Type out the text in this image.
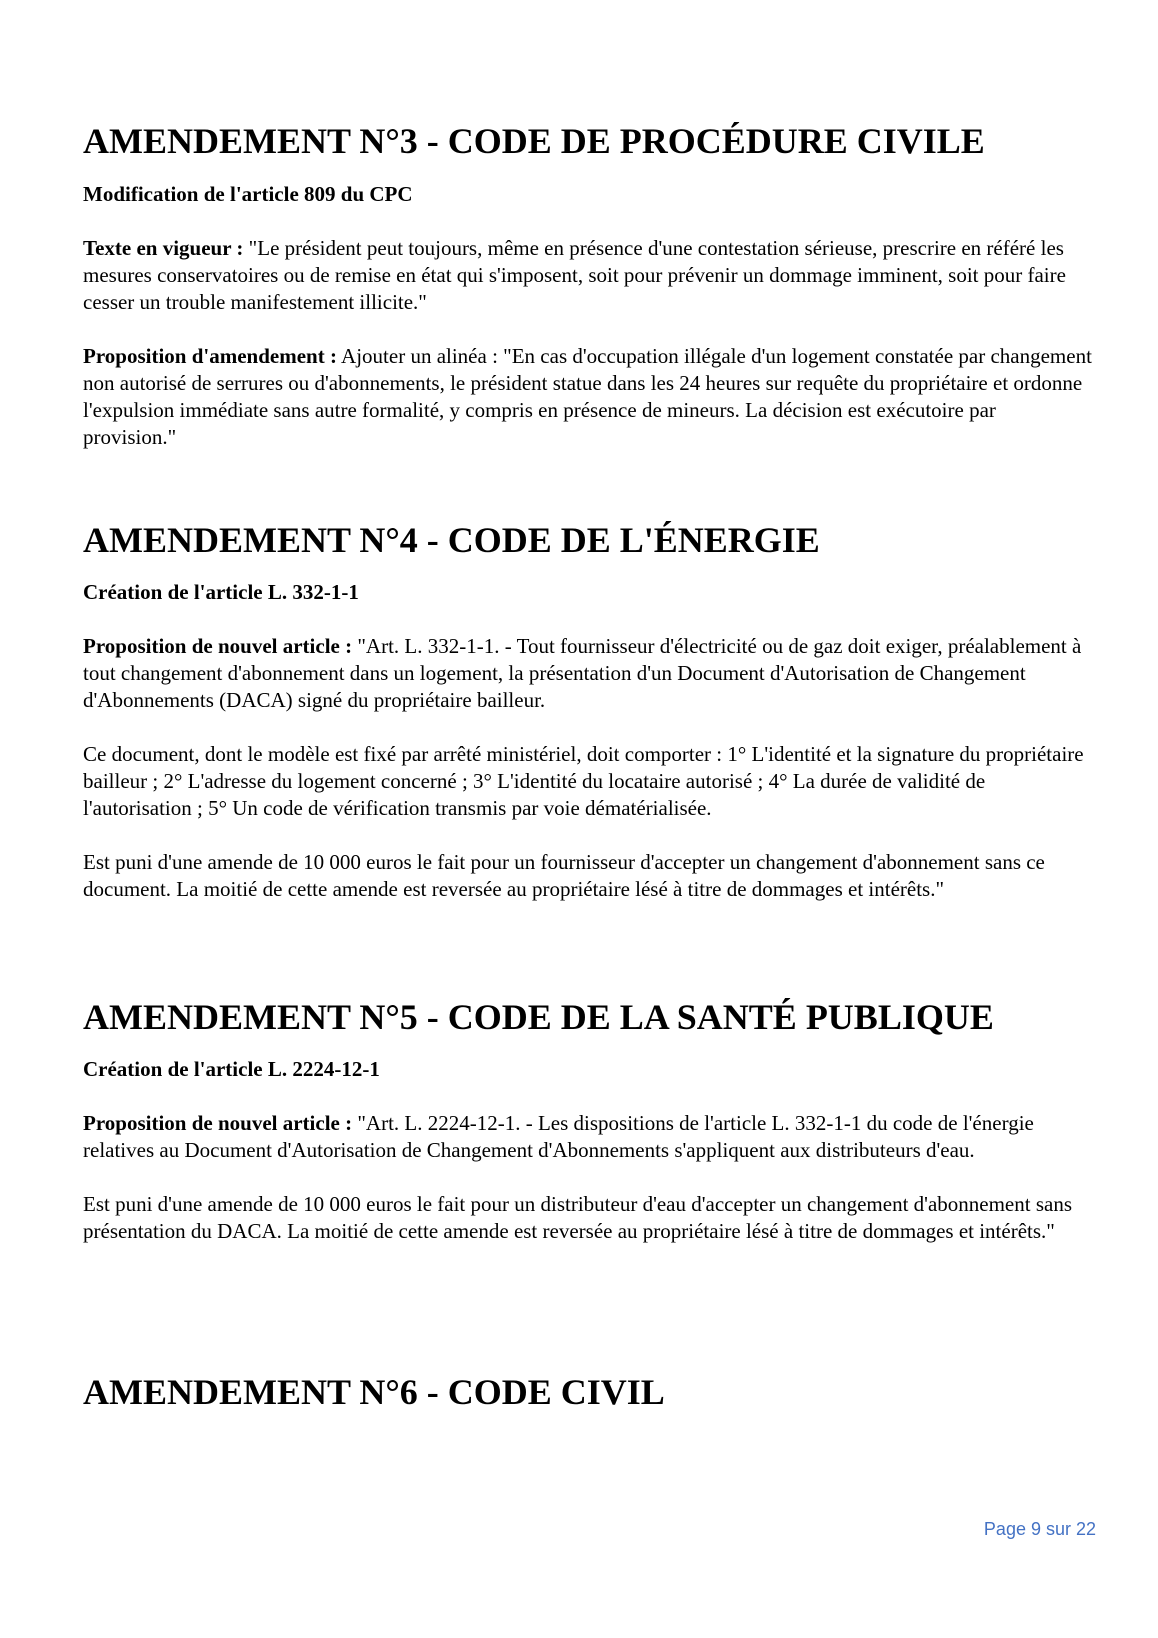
AMENDEMENT N°3 - CODE DE PROCÉDURE CIVILE
Modification de l'article 809 du CPC

Texte en vigueur : "Le président peut toujours, même en présence d'une contestation sérieuse, prescrire en référé les mesures conservatoires ou de remise en état qui s'imposent, soit pour prévenir un dommage imminent, soit pour faire cesser un trouble manifestement illicite."

Proposition d'amendement : Ajouter un alinéa : "En cas d'occupation illégale d'un logement constatée par changement non autorisé de serrures ou d'abonnements, le président statue dans les 24 heures sur requête du propriétaire et ordonne l'expulsion immédiate sans autre formalité, y compris en présence de mineurs. La décision est exécutoire par provision."

AMENDEMENT N°4 - CODE DE L'ÉNERGIE
Création de l'article L. 332-1-1

Proposition de nouvel article : "Art. L. 332-1-1. - Tout fournisseur d'électricité ou de gaz doit exiger, préalablement à tout changement d'abonnement dans un logement, la présentation d'un Document d'Autorisation de Changement d'Abonnements (DACA) signé du propriétaire bailleur.

Ce document, dont le modèle est fixé par arrêté ministériel, doit comporter : 1° L'identité et la signature du propriétaire bailleur ; 2° L'adresse du logement concerné ; 3° L'identité du locataire autorisé ; 4° La durée de validité de l'autorisation ; 5° Un code de vérification transmis par voie dématérialisée.

Est puni d'une amende de 10 000 euros le fait pour un fournisseur d'accepter un changement d'abonnement sans ce document. La moitié de cette amende est reversée au propriétaire lésé à titre de dommages et intérêts."

AMENDEMENT N°5 - CODE DE LA SANTÉ PUBLIQUE
Création de l'article L. 2224-12-1

Proposition de nouvel article : "Art. L. 2224-12-1. - Les dispositions de l'article L. 332-1-1 du code de l'énergie relatives au Document d'Autorisation de Changement d'Abonnements s'appliquent aux distributeurs d'eau.

Est puni d'une amende de 10 000 euros le fait pour un distributeur d'eau d'accepter un changement d'abonnement sans présentation du DACA. La moitié de cette amende est reversée au propriétaire lésé à titre de dommages et intérêts."

AMENDEMENT N°6 - CODE CIVIL
Page 9 sur 22
